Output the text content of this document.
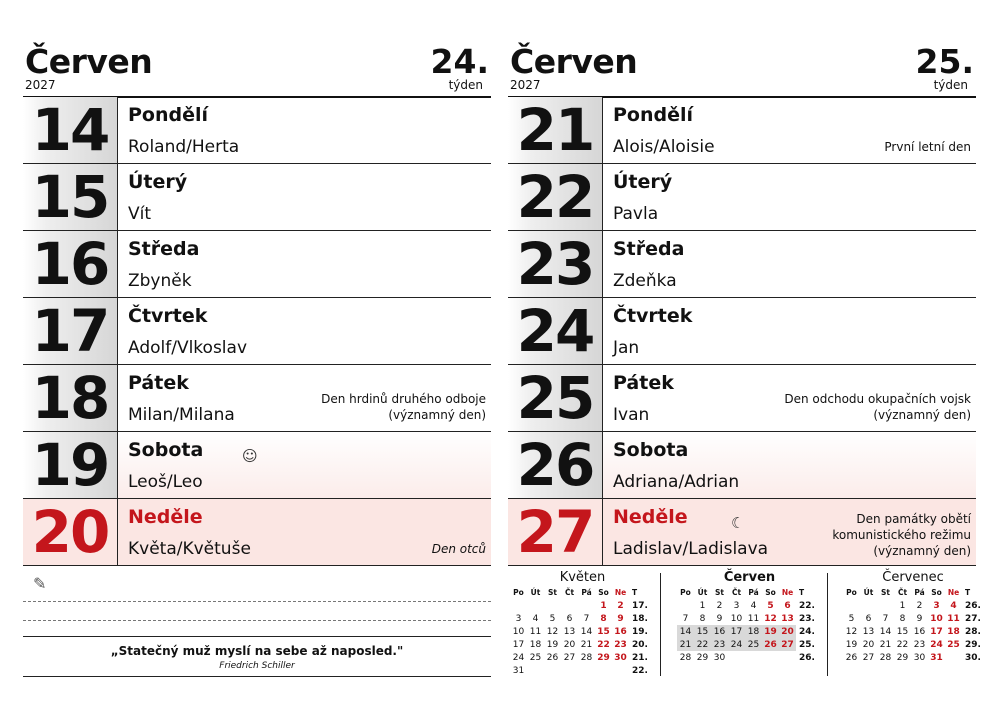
Červen
2027
24.
týden
14	Pondělí
Roland/Herta
15	Úterý
Vít
16	Středa
Zbyněk
17	Čtvrtek
Adolf/Vlkoslav
18	Pátek
Milan/Milana
Den hrdinů druhého odboje
(významný den)
19	Sobota	☺
Leoš/Leo
20	Neděle
Květa/Květuše	Den otců
✎
„Statečný muž myslí na sebe až naposled."
Friedrich Schiller
Červen
2027
25.
týden
21	Pondělí
Alois/Aloisie	První letní den
22	Úterý
Pavla
23	Středa
Zdeňka
24	Čtvrtek
Jan
25	Pátek
Ivan
Den odchodu okupačních vojsk
(významný den)
26	Sobota
Adriana/Adrian
27	Neděle	☾
Ladislav/Ladislava
Den památky obětí
komunistického režimu
(významný den)
Květen
Po	Út	St	Čt	Pá	So	Ne	T
					1	2	17.
3	4	5	6	7	8	9	18.
10	11	12	13	14	15	16	19.
17	18	19	20	21	22	23	20.
24	25	26	27	28	29	30	21.
31							22.
Červen
Po	Út	St	Čt	Pá	So	Ne	T
	1	2	3	4	5	6	22.
7	8	9	10	11	12	13	23.
14	15	16	17	18	19	20	24.
21	22	23	24	25	26	27	25.
28	29	30					26.
Červenec
Po	Út	St	Čt	Pá	So	Ne	T
			1	2	3	4	26.
5	6	7	8	9	10	11	27.
12	13	14	15	16	17	18	28.
19	20	21	22	23	24	25	29.
26	27	28	29	30	31		30.
